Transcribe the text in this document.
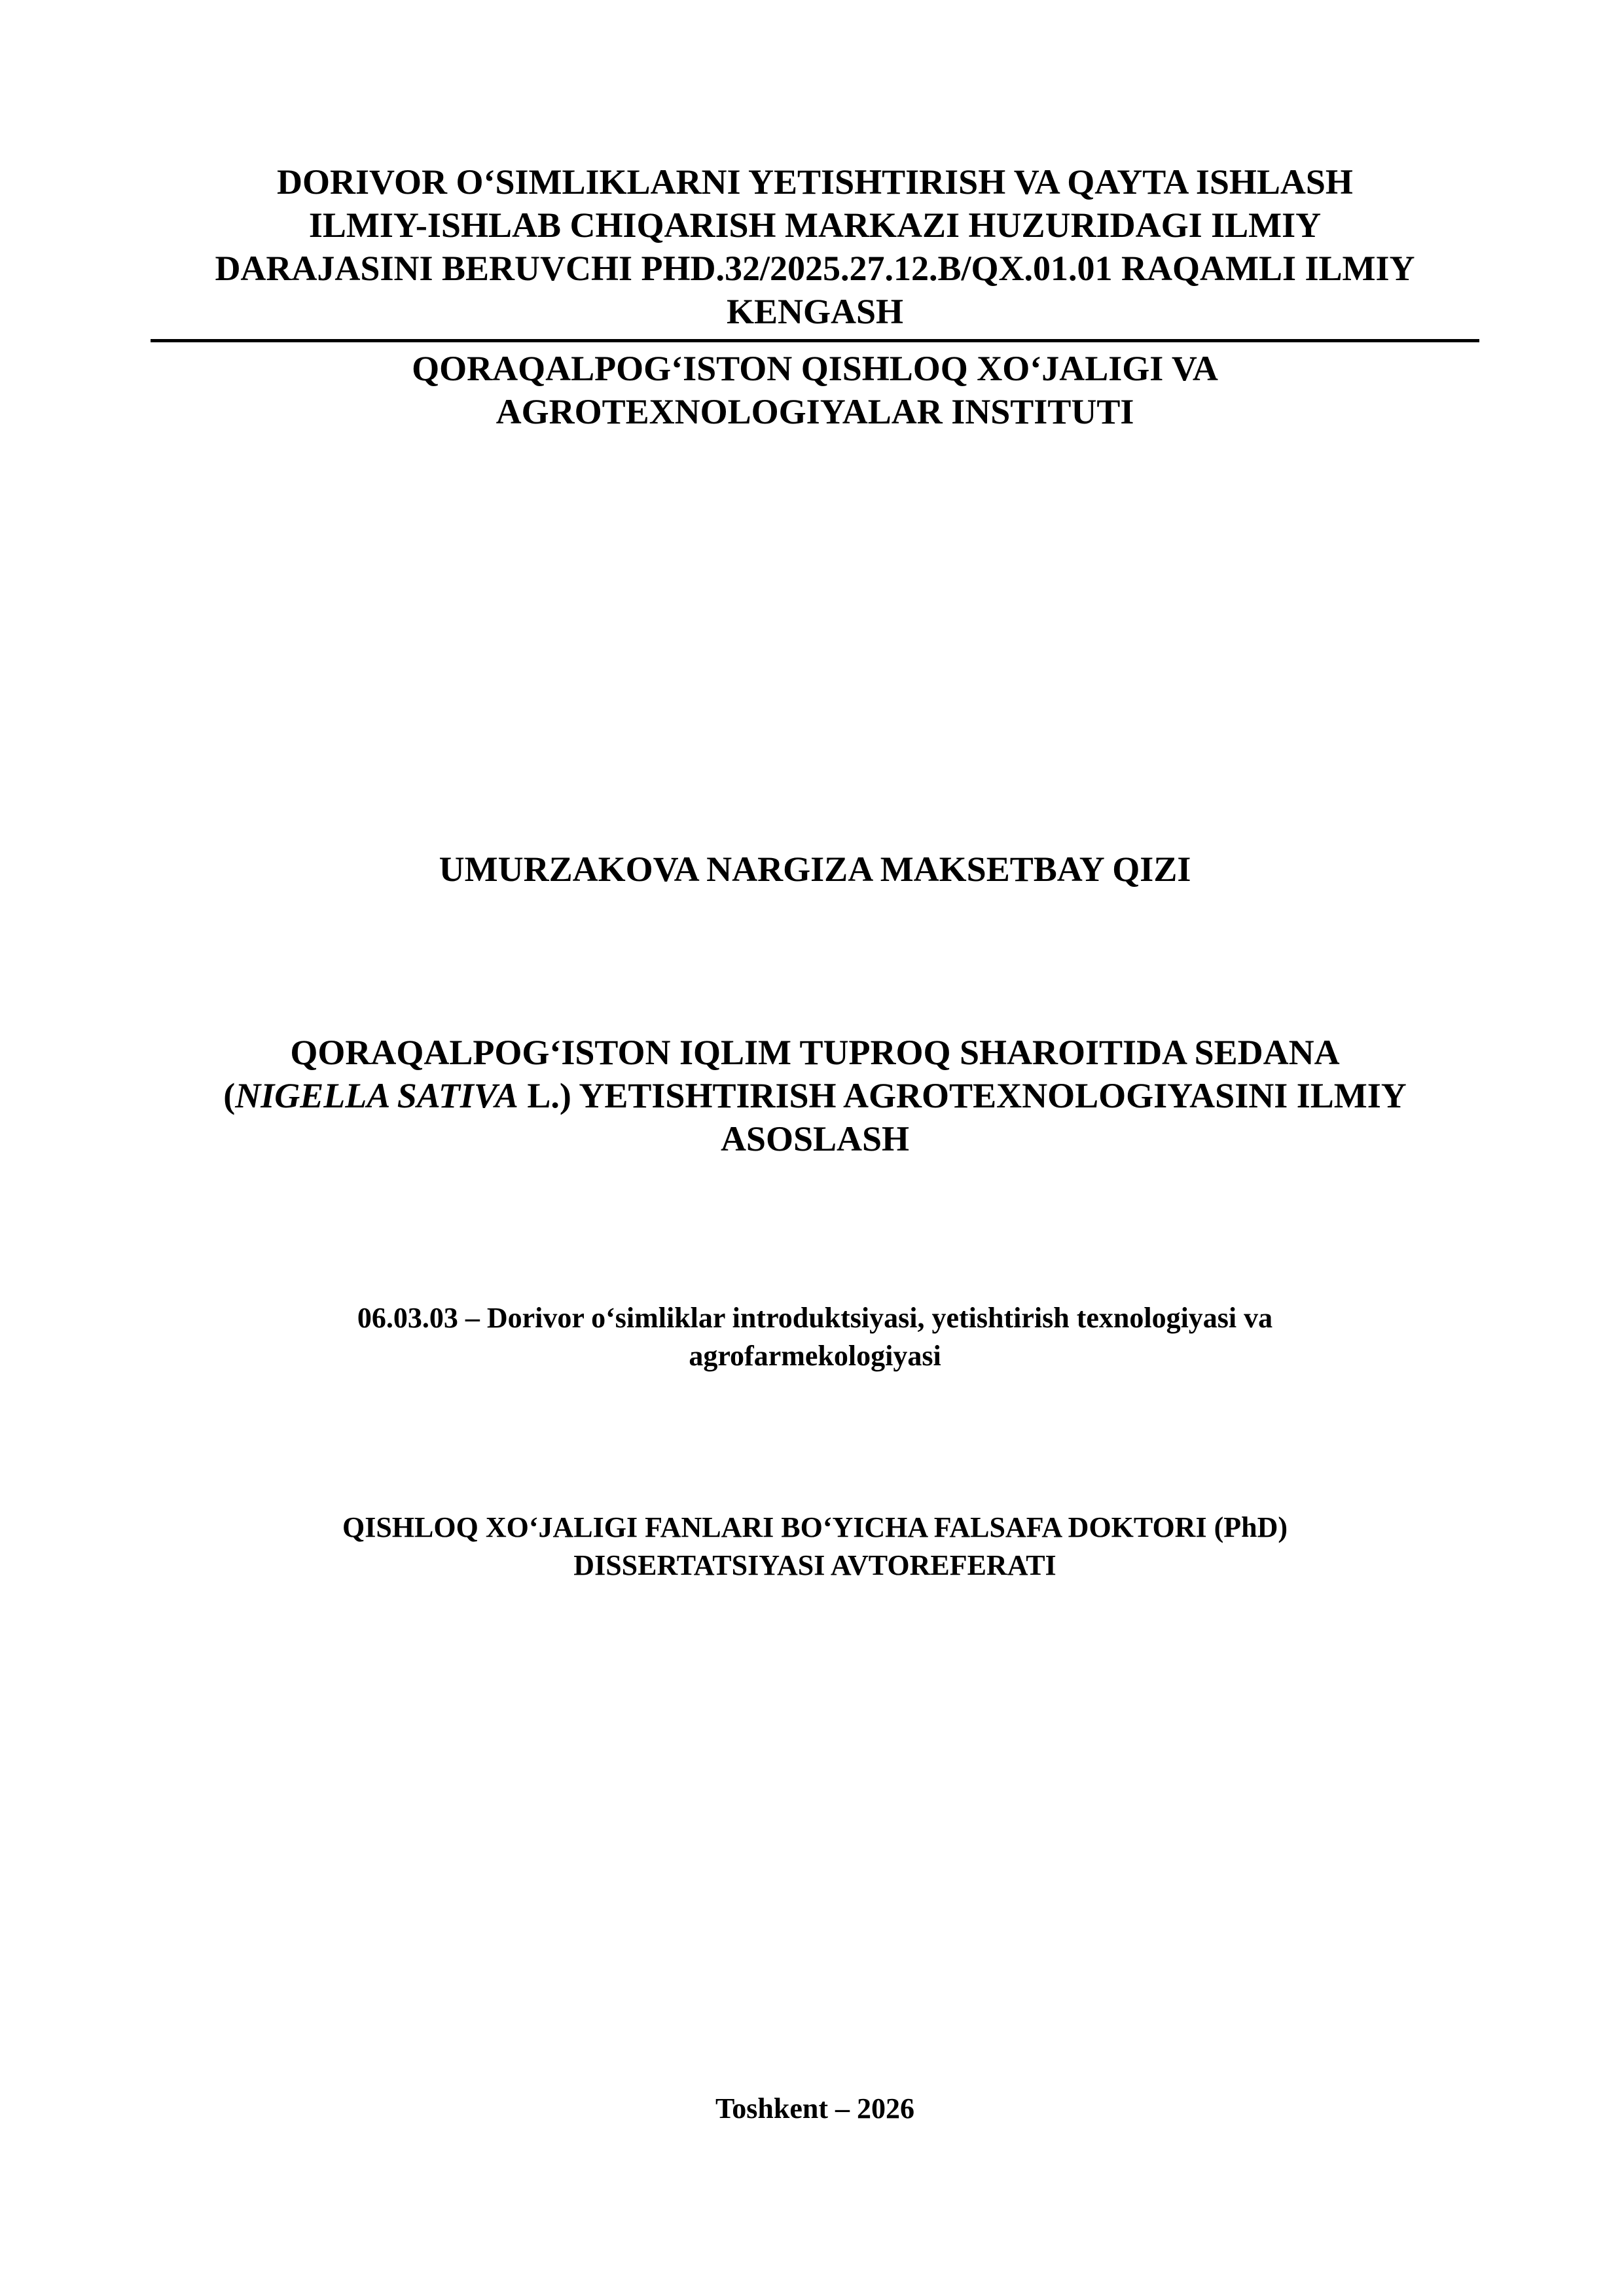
DORIVOR O‘SIMLIKLARNI YETISHTIRISH VA QAYTA ISHLASH
ILMIY-ISHLAB CHIQARISH MARKAZI HUZURIDAGI ILMIY
DARAJASINI BERUVCHI PHD.32/2025.27.12.B/QX.01.01 RAQAMLI ILMIY
KENGASH
QORAQALPOG‘ISTON QISHLOQ XO‘JALIGI VA
AGROTEXNOLOGIYALAR INSTITUTI
UMURZAKOVA NARGIZA MAKSETBAY QIZI
QORAQALPOG‘ISTON IQLIM TUPROQ SHAROITIDA SEDANA
(NIGELLA SATIVA L.) YETISHTIRISH AGROTEXNOLOGIYASINI ILMIY
ASOSLASH
06.03.03 – Dorivor o‘simliklar introduktsiyasi, yetishtirish texnologiyasi va
agrofarmekologiyasi
QISHLOQ XO‘JALIGI FANLARI BO‘YICHA FALSAFA DOKTORI (PhD)
DISSERTATSIYASI AVTOREFERATI
Toshkent – 2026
